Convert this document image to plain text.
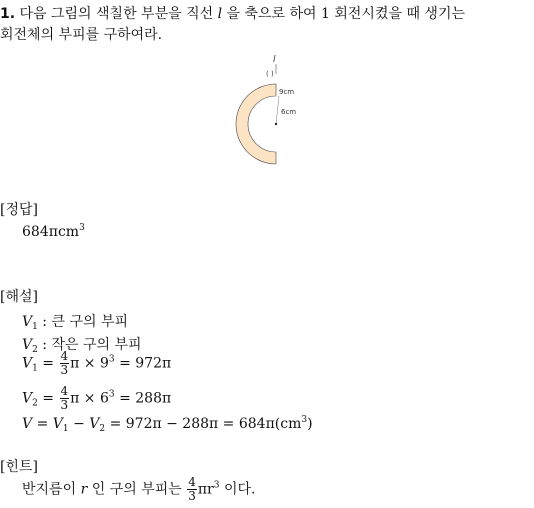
1. 다음 그림의 색칠한 부분을 직선 l 을 축으로 하여 1 회전시켰을 때 생기는
회전체의 부피를 구하여라.
l
( )
9cm
6cm
[정답]
684πcm$^3$
[해설]
$V_1$ : 큰 구의 부피
$V_2$ : 작은 구의 부피
$V_1 = \frac{4}{3}$ $\pi \times 9^3 = 972\pi$
$V_2 = \frac{4}{3}$ $\pi \times 6^3 = 288\pi$
$V = V_1 - V_2 = 972\pi - 288\pi = 684\pi(cm^3)$
[힌트]
반지름이 r 인 구의 부피는 $\frac{4}{3} \pi r^3$ 이다.
